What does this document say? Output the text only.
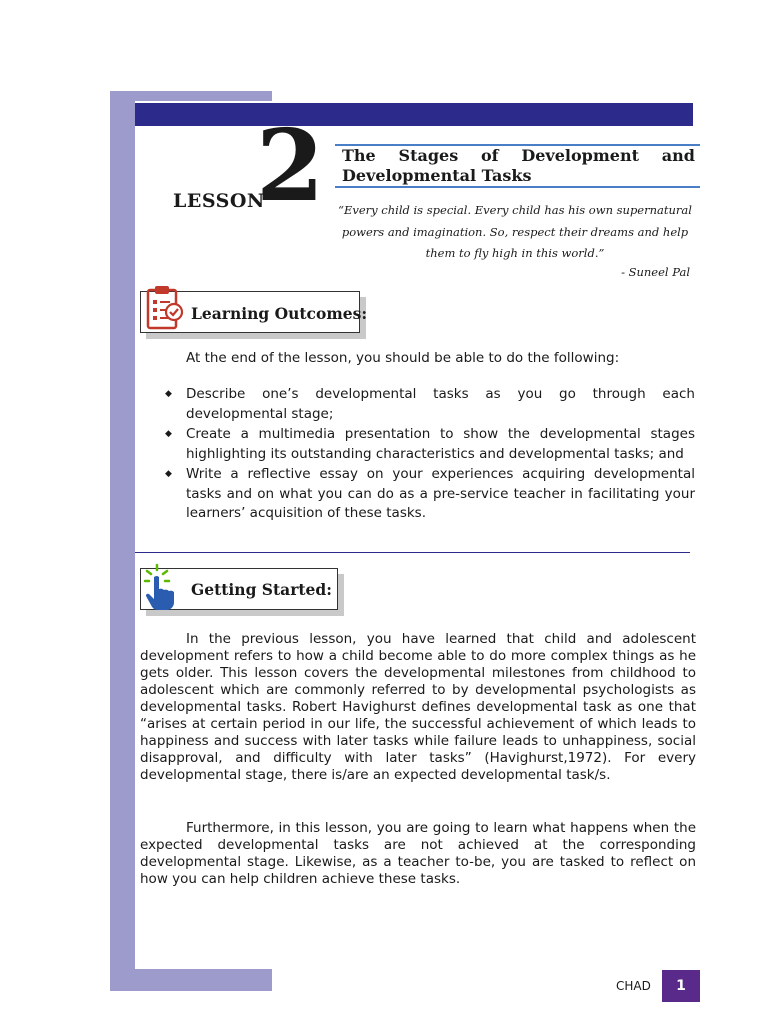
LESSON
2 The Stages of Development and
Developmental Tasks
“Every child is special. Every child has his own supernatural powers and imagination. So, respect their dreams and help them to fly high in this world.”
- Suneel Pal
Learning Outcomes:
At the end of the lesson, you should be able to do the following:
◆ Describe one’s developmental tasks as you go through each developmental stage;
◆ Create a multimedia presentation to show the developmental stages highlighting its outstanding characteristics and developmental tasks; and
◆ Write a reflective essay on your experiences acquiring developmental tasks and on what you can do as a pre-service teacher in facilitating your learners’ acquisition of these tasks.
Getting Started:

In the previous lesson, you have learned that child and adolescent development refers to how a child become able to do more complex things as he gets older. This lesson covers the developmental milestones from childhood to adolescent which are commonly referred to by developmental psychologists as developmental tasks. Robert Havighurst defines developmental task as one that “arises at certain period in our life, the successful achievement of which leads to happiness and success with later tasks while failure leads to unhappiness, social disapproval, and difficulty with later tasks” (Havighurst,1972). For every developmental stage, there is/are an expected developmental task/s.

Furthermore, in this lesson, you are going to learn what happens when the expected developmental tasks are not achieved at the corresponding developmental stage. Likewise, as a teacher to-be, you are tasked to reflect on how you can help children achieve these tasks.

CHAD	1
